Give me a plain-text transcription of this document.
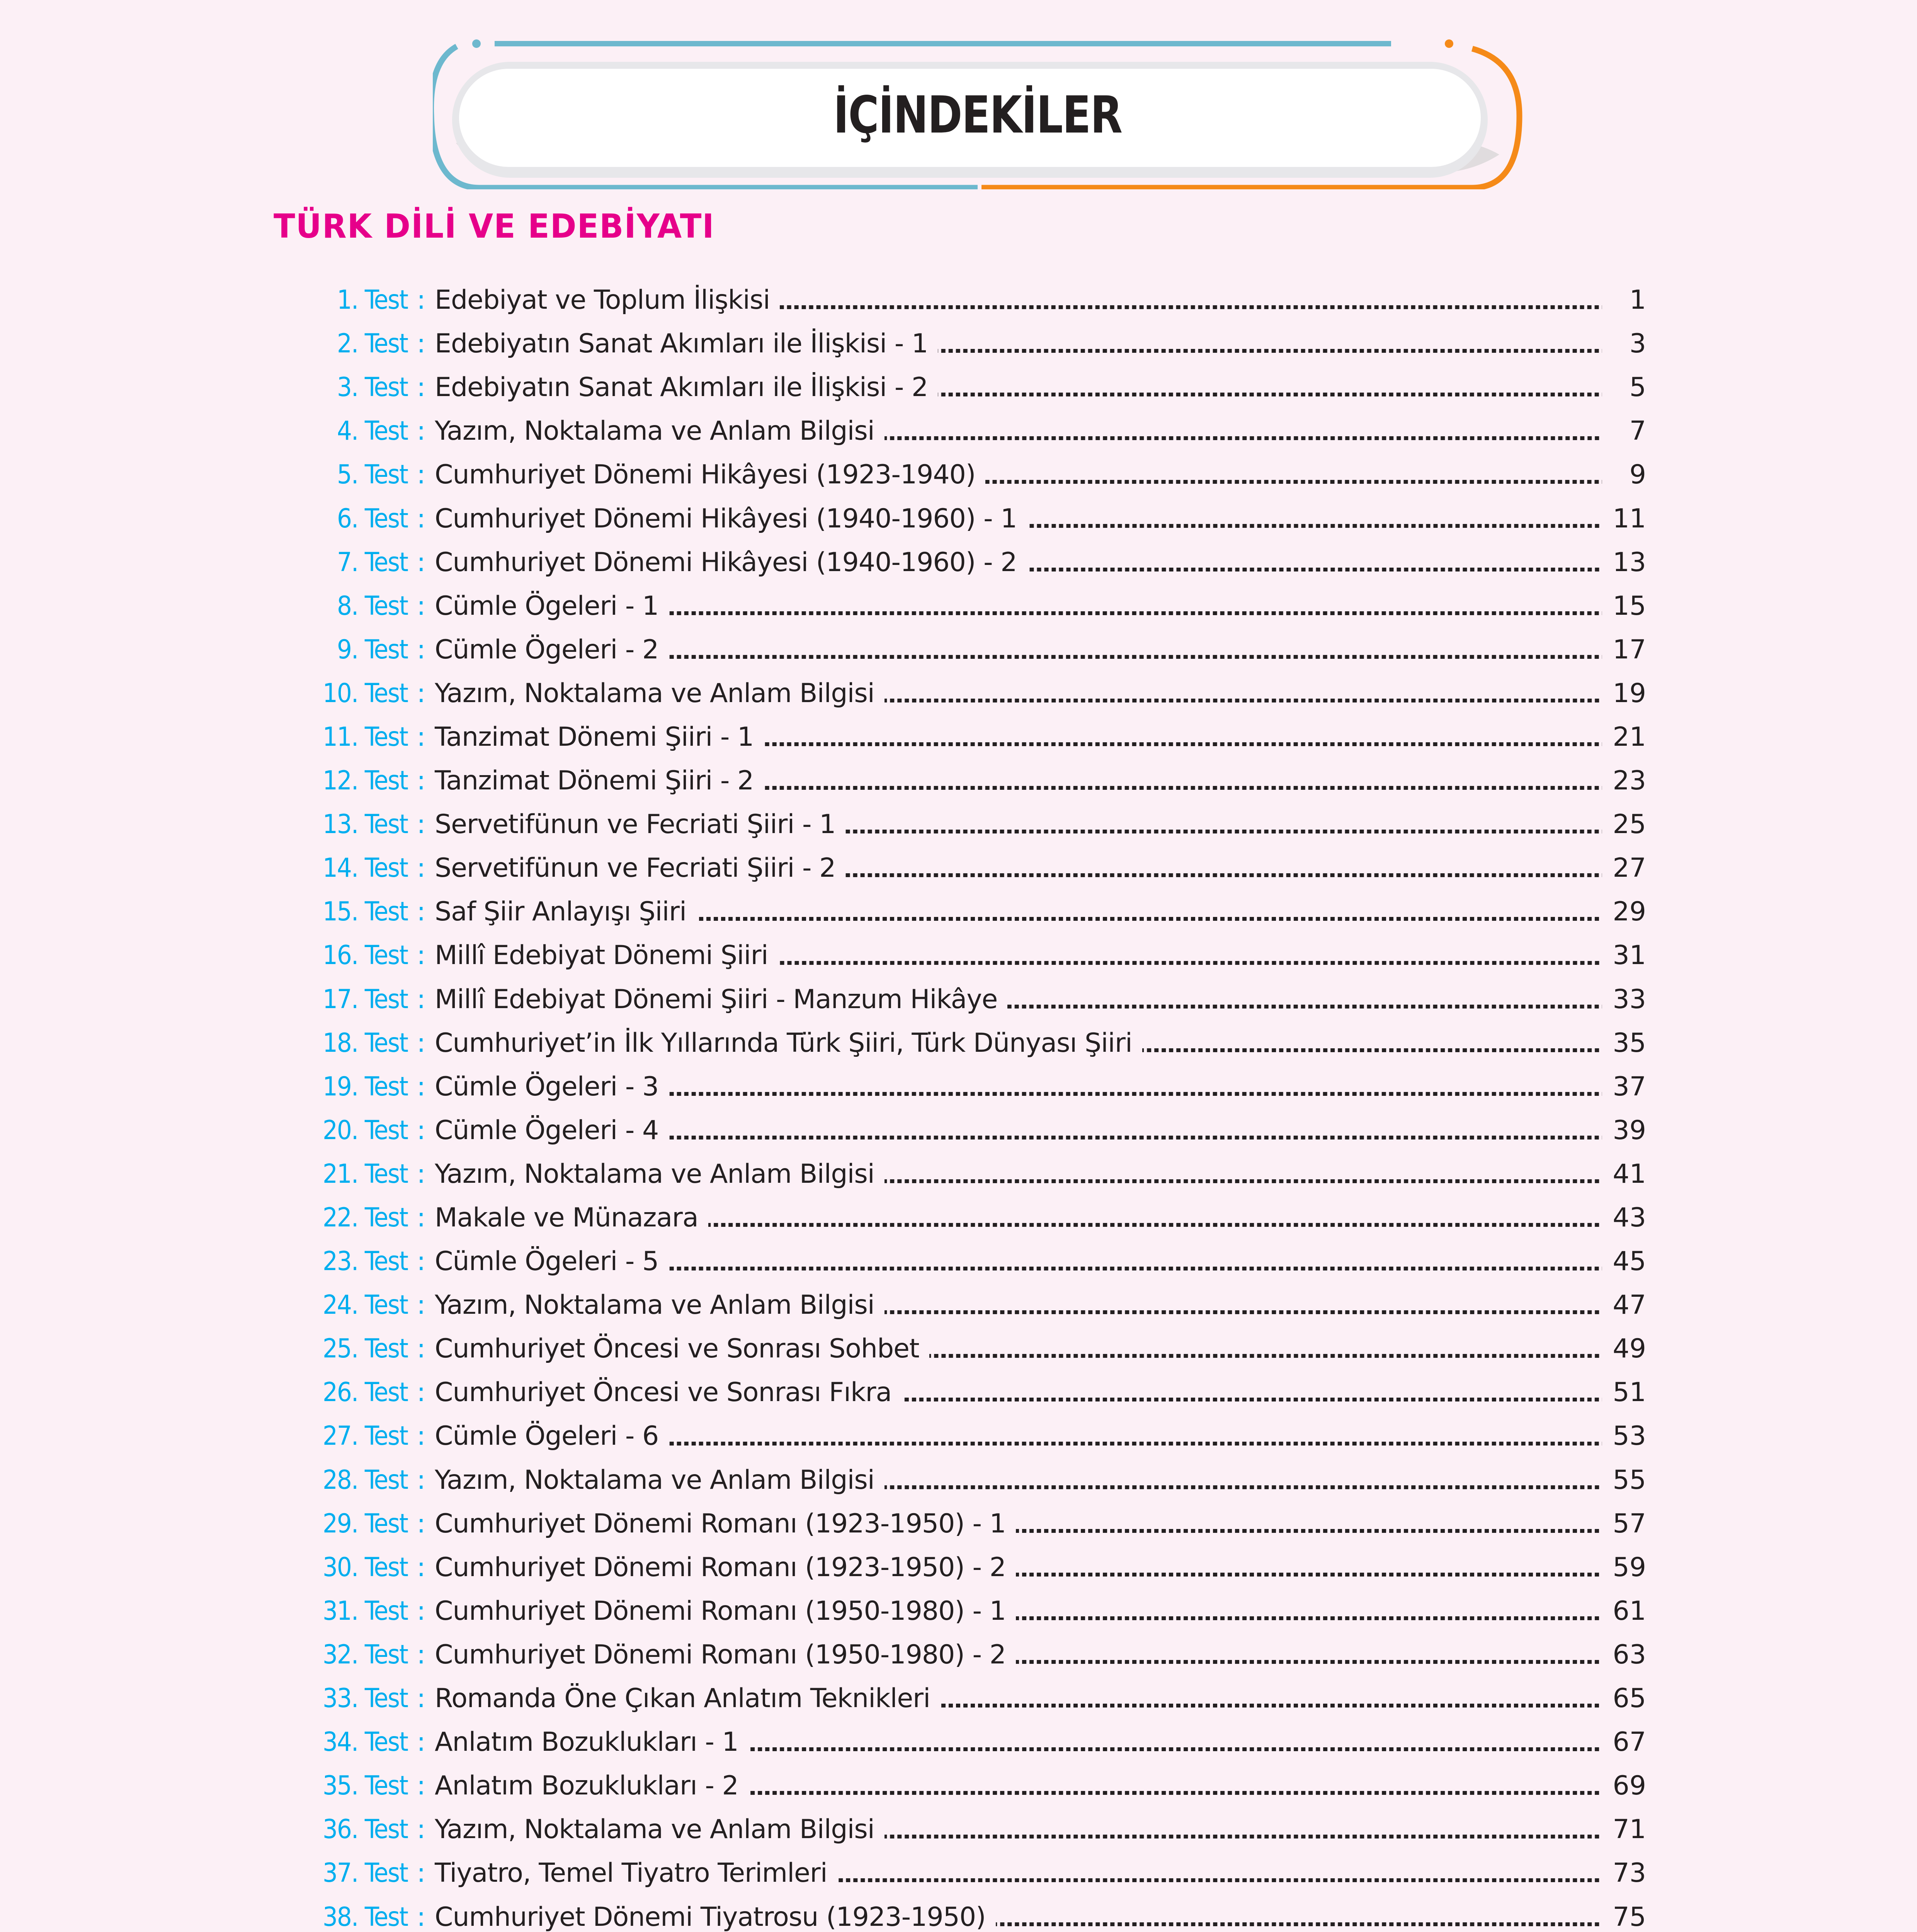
İÇİNDEKİLER
TÜRK DİLİ VE EDEBİYATI
1. Test : Edebiyat ve Toplum İlişkisi	1
2. Test : Edebiyatın Sanat Akımları ile İlişkisi - 1	3
3. Test : Edebiyatın Sanat Akımları ile İlişkisi - 2	5
4. Test : Yazım, Noktalama ve Anlam Bilgisi	7
5. Test : Cumhuriyet Dönemi Hikâyesi (1923-1940)	9
6. Test : Cumhuriyet Dönemi Hikâyesi (1940-1960) - 1	11
7. Test : Cumhuriyet Dönemi Hikâyesi (1940-1960) - 2	13
8. Test : Cümle Ögeleri - 1	15
9. Test : Cümle Ögeleri - 2	17
10. Test : Yazım, Noktalama ve Anlam Bilgisi	19
11. Test : Tanzimat Dönemi Şiiri - 1	21
12. Test : Tanzimat Dönemi Şiiri - 2	23
13. Test : Servetifünun ve Fecriati Şiiri - 1	25
14. Test : Servetifünun ve Fecriati Şiiri - 2	27
15. Test : Saf Şiir Anlayışı Şiiri	29
16. Test : Millî Edebiyat Dönemi Şiiri	31
17. Test : Millî Edebiyat Dönemi Şiiri - Manzum Hikâye	33
18. Test : Cumhuriyet’in İlk Yıllarında Türk Şiiri, Türk Dünyası Şiiri	35
19. Test : Cümle Ögeleri - 3	37
20. Test : Cümle Ögeleri - 4	39
21. Test : Yazım, Noktalama ve Anlam Bilgisi	41
22. Test : Makale ve Münazara	43
23. Test : Cümle Ögeleri - 5	45
24. Test : Yazım, Noktalama ve Anlam Bilgisi	47
25. Test : Cumhuriyet Öncesi ve Sonrası Sohbet	49
26. Test : Cumhuriyet Öncesi ve Sonrası Fıkra	51
27. Test : Cümle Ögeleri - 6	53
28. Test : Yazım, Noktalama ve Anlam Bilgisi	55
29. Test : Cumhuriyet Dönemi Romanı (1923-1950) - 1	57
30. Test : Cumhuriyet Dönemi Romanı (1923-1950) - 2	59
31. Test : Cumhuriyet Dönemi Romanı (1950-1980) - 1	61
32. Test : Cumhuriyet Dönemi Romanı (1950-1980) - 2	63
33. Test : Romanda Öne Çıkan Anlatım Teknikleri	65
34. Test : Anlatım Bozuklukları - 1	67
35. Test : Anlatım Bozuklukları - 2	69
36. Test : Yazım, Noktalama ve Anlam Bilgisi	71
37. Test : Tiyatro, Temel Tiyatro Terimleri	73
38. Test : Cumhuriyet Dönemi Tiyatrosu (1923-1950)	75
